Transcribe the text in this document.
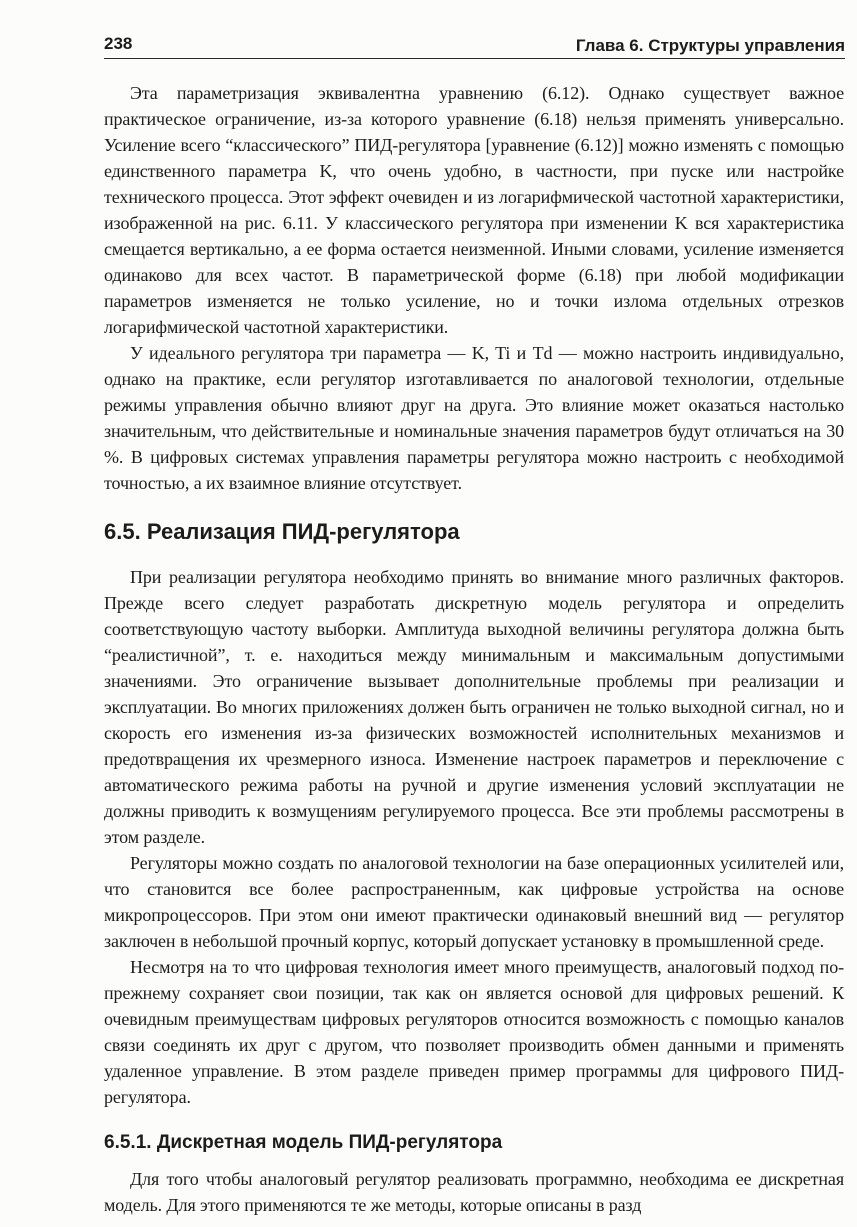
238	Глава 6. Структуры управления

Эта параметризация эквивалентна уравнению (6.12). Однако существует важное практическое ограничение, из-за которого уравнение (6.18) нельзя применять универсально. Усиление всего “классического” ПИД-регулятора [уравнение (6.12)] можно изменять с помощью единственного параметра K, что очень удобно, в частности, при пуске или настройке технического процесса. Этот эффект очевиден и из логарифмической частотной характеристики, изображенной на рис. 6.11. У классического регулятора при изменении K вся характеристика смещается вертикально, а ее форма остается неизменной. Иными словами, усиление изменяется одинаково для всех частот. В параметрической форме (6.18) при любой модификации параметров изменяется не только усиление, но и точки излома отдельных отрезков логарифмической частотной характеристики.

У идеального регулятора три параметра — K, Ti и Td — можно настроить индивидуально, однако на практике, если регулятор изготавливается по аналоговой технологии, отдельные режимы управления обычно влияют друг на друга. Это влияние может оказаться настолько значительным, что действительные и номинальные значения параметров будут отличаться на 30 %. В цифровых системах управления параметры регулятора можно настроить с необходимой точностью, а их взаимное влияние отсутствует.

6.5. Реализация ПИД-регулятора

При реализации регулятора необходимо принять во внимание много различных факторов. Прежде всего следует разработать дискретную модель регулятора и определить соответствующую частоту выборки. Амплитуда выходной величины регулятора должна быть “реалистичной”, т. е. находиться между минимальным и максимальным допустимыми значениями. Это ограничение вызывает дополнительные проблемы при реализации и эксплуатации. Во многих приложениях должен быть ограничен не только выходной сигнал, но и скорость его изменения из-за физических возможностей исполнительных механизмов и предотвращения их чрезмерного износа. Изменение настроек параметров и переключение с автоматического режима работы на ручной и другие изменения условий эксплуатации не должны приводить к возмущениям регулируемого процесса. Все эти проблемы рассмотрены в этом разделе.

Регуляторы можно создать по аналоговой технологии на базе операционных усилителей или, что становится все более распространенным, как цифровые устройства на основе микропроцессоров. При этом они имеют практически одинаковый внешний вид — регулятор заключен в небольшой прочный корпус, который допускает установку в промышленной среде.

Несмотря на то что цифровая технология имеет много преимуществ, аналоговый подход по-прежнему сохраняет свои позиции, так как он является основой для цифровых решений. К очевидным преимуществам цифровых регуляторов относится возможность с помощью каналов связи соединять их друг с другом, что позволяет производить обмен данными и применять удаленное управление. В этом разделе приведен пример программы для цифрового ПИД-регулятора.

6.5.1. Дискретная модель ПИД-регулятора

Для того чтобы аналоговый регулятор реализовать программно, необходима ее дискретная модель. Для этого применяются те же методы, которые описаны в разд
